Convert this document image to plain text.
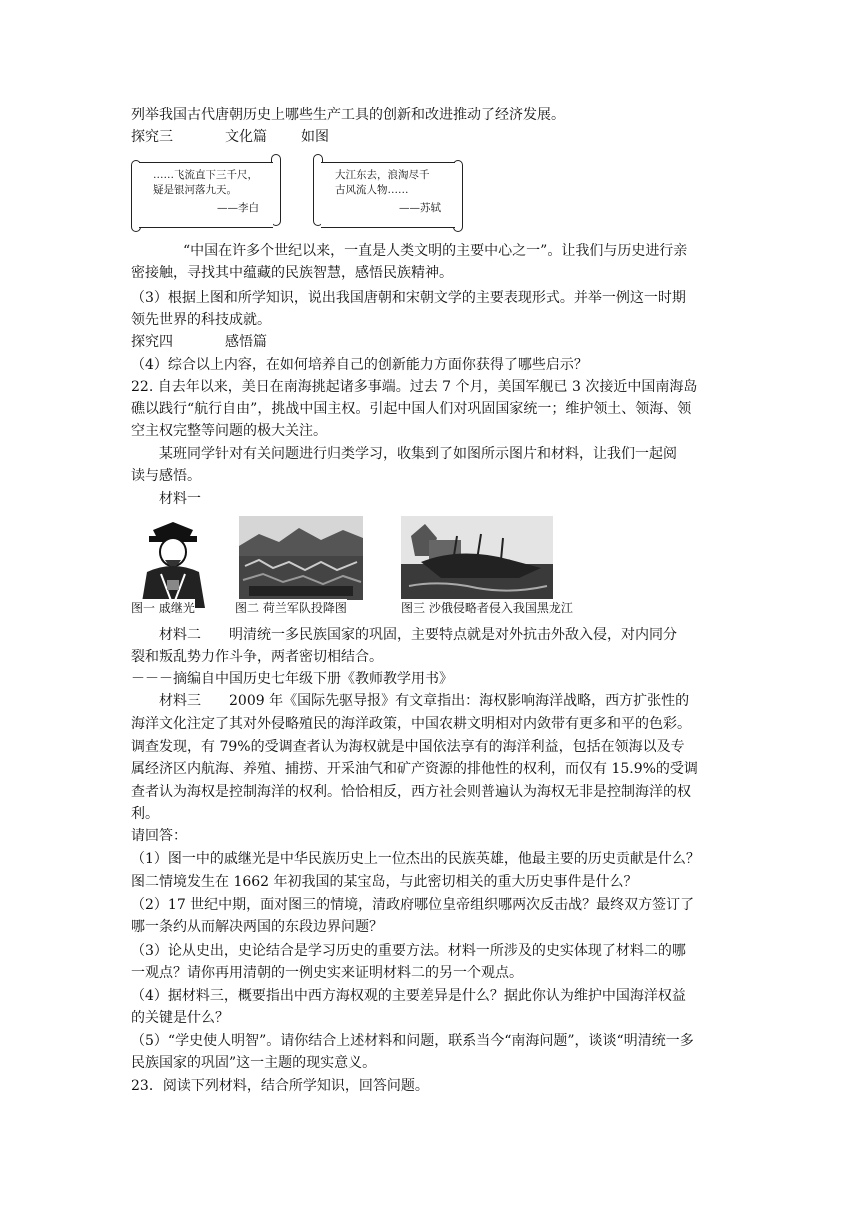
列举我国古代唐朝历史上哪些生产工具的创新和改进推动了经济发展。
探究三	文化篇 如图
……飞流直下三千尺，
疑是银河落九天。
——李白
大江东去，浪淘尽千
古风流人物……
——苏轼
“中国在许多个世纪以来，一直是人类文明的主要中心之一”。让我们与历史进行亲
密接触，寻找其中蕴藏的民族智慧，感悟民族精神。
（3）根据上图和所学知识，说出我国唐朝和宋朝文学的主要表现形式。并举一例这一时期
领先世界的科技成就。
探究四	感悟篇
（4）综合以上内容，在如何培养自己的创新能力方面你获得了哪些启示？
22. 自去年以来，美日在南海挑起诸多事端。过去 7 个月，美国军舰已 3 次接近中国南海岛
礁以践行“航行自由”，挑战中国主权。引起中国人们对巩固国家统一；维护领土、领海、领
空主权完整等问题的极大关注。
某班同学针对有关问题进行归类学习，收集到了如图所示图片和材料，让我们一起阅
读与感悟。
材料一
图一 戚继光	图二 荷兰军队投降图	图三 沙俄侵略者侵入我国黑龙江
材料二 明清统一多民族国家的巩固，主要特点就是对外抗击外敌入侵，对内同分
裂和叛乱势力作斗争，两者密切相结合。
－－－摘编自中国历史七年级下册《教师教学用书》
材料三 2009 年《国际先驱导报》有文章指出：海权影响海洋战略，西方扩张性的
海洋文化注定了其对外侵略殖民的海洋政策，中国农耕文明相对内敛带有更多和平的色彩。
调查发现，有 79%的受调查者认为海权就是中国依法享有的海洋利益，包括在领海以及专
属经济区内航海、养殖、捕捞、开采油气和矿产资源的排他性的权利，而仅有 15.9%的受调
查者认为海权是控制海洋的权利。恰恰相反，西方社会则普遍认为海权无非是控制海洋的权
利。
请回答：
（1）图一中的戚继光是中华民族历史上一位杰出的民族英雄，他最主要的历史贡献是什么？
图二情境发生在 1662 年初我国的某宝岛，与此密切相关的重大历史事件是什么？
（2）17 世纪中期，面对图三的情境，清政府哪位皇帝组织哪两次反击战？最终双方签订了
哪一条约从而解决两国的东段边界问题？
（3）论从史出，史论结合是学习历史的重要方法。材料一所涉及的史实体现了材料二的哪
一观点？请你再用清朝的一例史实来证明材料二的另一个观点。
（4）据材料三，概要指出中西方海权观的主要差异是什么？据此你认为维护中国海洋权益
的关键是什么？
（5）“学史使人明智”。请你结合上述材料和问题，联系当今“南海问题”，谈谈“明清统一多
民族国家的巩固”这一主题的现实意义。
23．阅读下列材料，结合所学知识，回答问题。
